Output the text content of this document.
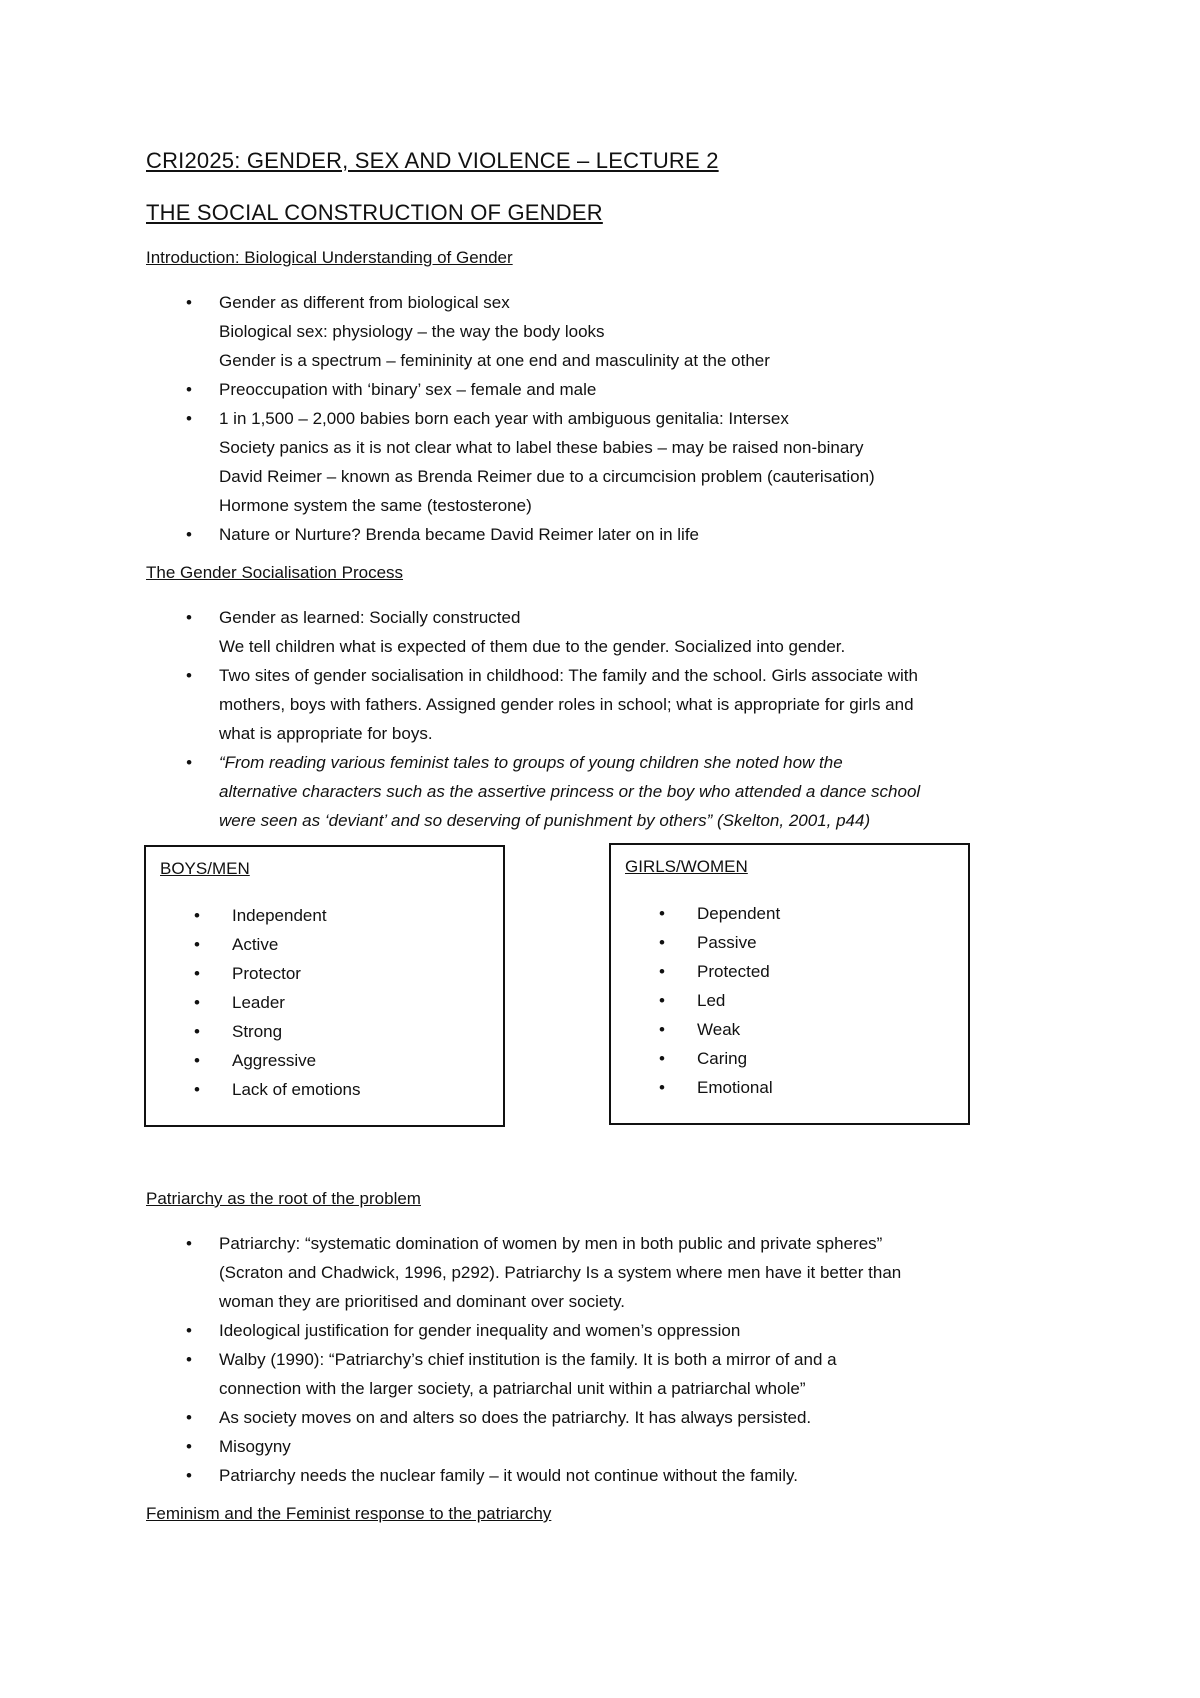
CRI2025: GENDER, SEX AND VIOLENCE – LECTURE 2
THE SOCIAL CONSTRUCTION OF GENDER
Introduction: Biological Understanding of Gender
• Gender as different from biological sex
Biological sex: physiology – the way the body looks
Gender is a spectrum – femininity at one end and masculinity at the other
• Preoccupation with ‘binary’ sex – female and male
• 1 in 1,500 – 2,000 babies born each year with ambiguous genitalia: Intersex
Society panics as it is not clear what to label these babies – may be raised non-binary
David Reimer – known as Brenda Reimer due to a circumcision problem (cauterisation)
Hormone system the same (testosterone)
• Nature or Nurture? Brenda became David Reimer later on in life
The Gender Socialisation Process
• Gender as learned: Socially constructed
We tell children what is expected of them due to the gender. Socialized into gender.
• Two sites of gender socialisation in childhood: The family and the school. Girls associate with
mothers, boys with fathers. Assigned gender roles in school; what is appropriate for girls and
what is appropriate for boys.
• “From reading various feminist tales to groups of young children she noted how the
alternative characters such as the assertive princess or the boy who attended a dance school
were seen as ‘deviant’ and so deserving of punishment by others” (Skelton, 2001, p44)
BOYS/MEN
• Independent
• Active
• Protector
• Leader
• Strong
• Aggressive
• Lack of emotions
GIRLS/WOMEN
• Dependent
• Passive
• Protected
• Led
• Weak
• Caring
• Emotional
Patriarchy as the root of the problem
• Patriarchy: “systematic domination of women by men in both public and private spheres”
(Scraton and Chadwick, 1996, p292). Patriarchy Is a system where men have it better than
woman they are prioritised and dominant over society.
• Ideological justification for gender inequality and women’s oppression
• Walby (1990): “Patriarchy’s chief institution is the family. It is both a mirror of and a
connection with the larger society, a patriarchal unit within a patriarchal whole”
• As society moves on and alters so does the patriarchy. It has always persisted.
• Misogyny
• Patriarchy needs the nuclear family – it would not continue without the family.
Feminism and the Feminist response to the patriarchy
